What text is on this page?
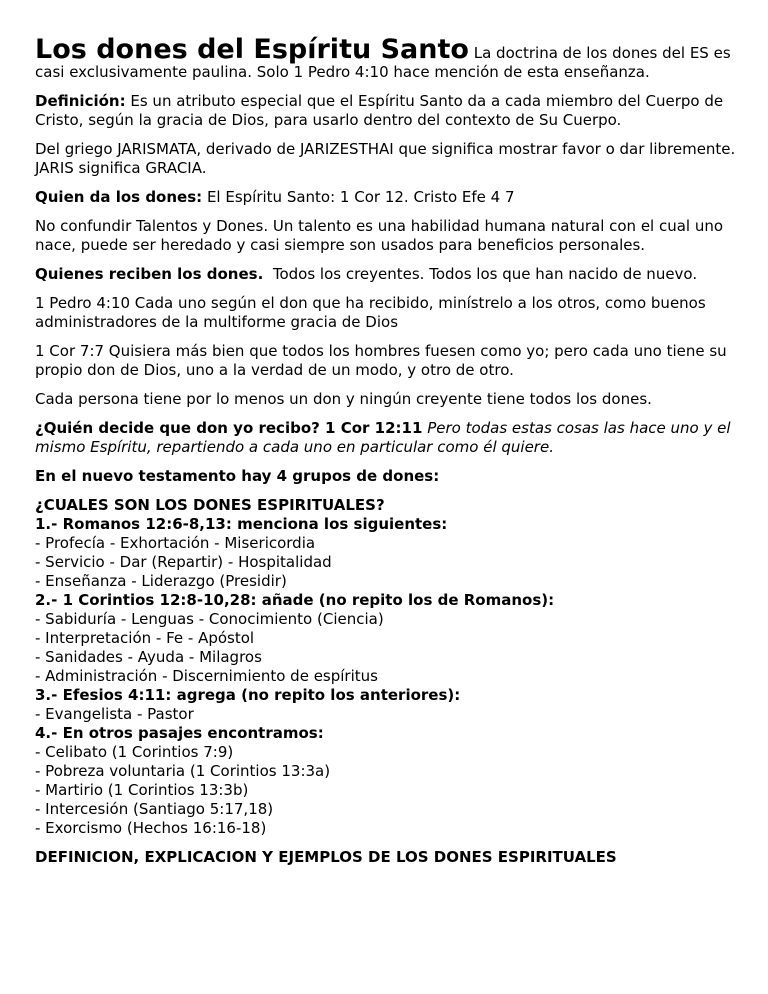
Los dones del Espíritu Santo La doctrina de los dones del ES es casi exclusivamente paulina. Solo 1 Pedro 4:10 hace mención de esta enseñanza.

Definición: Es un atributo especial que el Espíritu Santo da a cada miembro del Cuerpo de Cristo, según la gracia de Dios, para usarlo dentro del contexto de Su Cuerpo.

Del griego JARISMATA, derivado de JARIZESTHAI que significa mostrar favor o dar libremente. JARIS significa GRACIA.

Quien da los dones: El Espíritu Santo: 1 Cor 12. Cristo Efe 4 7

No confundir Talentos y Dones. Un talento es una habilidad humana natural con el cual uno nace, puede ser heredado y casi siempre son usados para beneficios personales.

Quienes reciben los dones. Todos los creyentes. Todos los que han nacido de nuevo.

1 Pedro 4:10 Cada uno según el don que ha recibido, minístrelo a los otros, como buenos administradores de la multiforme gracia de Dios

1 Cor 7:7 Quisiera más bien que todos los hombres fuesen como yo; pero cada uno tiene su propio don de Dios, uno a la verdad de un modo, y otro de otro.

Cada persona tiene por lo menos un don y ningún creyente tiene todos los dones.

¿Quién decide que don yo recibo? 1 Cor 12:11 Pero todas estas cosas las hace uno y el mismo Espíritu, repartiendo a cada uno en particular como él quiere.

En el nuevo testamento hay 4 grupos de dones:

¿CUALES SON LOS DONES ESPIRITUALES?
1.- Romanos 12:6-8,13: menciona los siguientes:
- Profecía - Exhortación - Misericordia
- Servicio - Dar (Repartir) - Hospitalidad
- Enseñanza - Liderazgo (Presidir)
2.- 1 Corintios 12:8-10,28: añade (no repito los de Romanos):
- Sabiduría - Lenguas - Conocimiento (Ciencia)
- Interpretación - Fe - Apóstol
- Sanidades - Ayuda - Milagros
- Administración - Discernimiento de espíritus
3.- Efesios 4:11: agrega (no repito los anteriores):
- Evangelista - Pastor
4.- En otros pasajes encontramos:
- Celibato (1 Corintios 7:9)
- Pobreza voluntaria (1 Corintios 13:3a)
- Martirio (1 Corintios 13:3b)
- Intercesión (Santiago 5:17,18)
- Exorcismo (Hechos 16:16-18)

DEFINICION, EXPLICACION Y EJEMPLOS DE LOS DONES ESPIRITUALES
